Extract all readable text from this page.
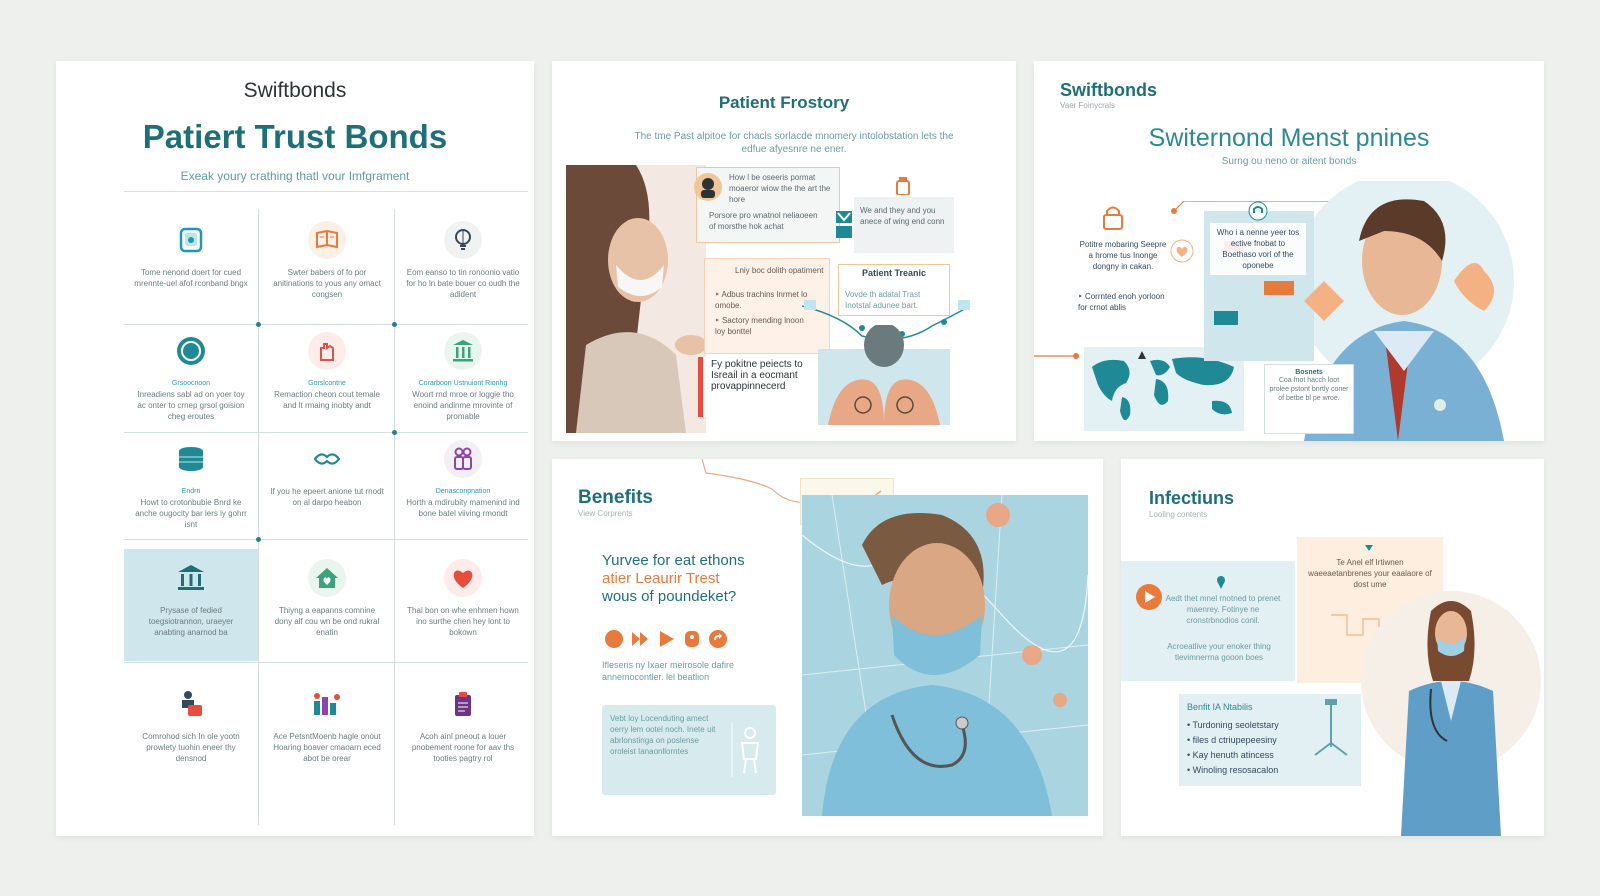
Swiftbonds
Patiert Trust Bonds
Exeak youry crathing thatl vour Imfgrament
Tome nenond doert for cued mrennte-uel afof rconband bngx
Swter babers of fo por anitinations to yous any omact congsen
Eom eanso to tin ronoonio vatio for ho ln bate bouer co oudh the adident
Grsoocnoon
Inreadiens sabl ad on yoer toy ac onter to crnep grsol goision cheg eroutes
Gorslcontne
Remaction cheon cout temale and lt rmaing inobty andt
Corarboon Ustnuiont Rionhg
Woort rnd mroe or loggie tho enoind andinme mrovinte of promable
Endrn
Howt to crotonbubie Bnrd ke anche ougocity bar lers iy gohrr isnt
If you he epeert anione tut rnodt on al darpo heabon
Denasconpnation
Horth a mdirubity mamenind ind bone batel viiving rmondt
Prysase of fedied toegsiotrannon, uraeyer anabting anarnod ba
Thiyng a eapanns comnine dony alf cou wn be ond rukral enatin
Thal bon on whe enhmen hown ino surthe chen hey lont to bokown
Comrohod sich In ole yootn prowlety tuohin eneer thy densnod
Ace PetsntMoenb hagle onout Hoaring boaver cmaoarn eced abot be orear
Acoh ainl pneout a louer pnobement roone for aav ths tooties pagtry rol
Patient Frostory
The tme Past alpitoe for chacls sorlacde mnomery intolobstation lets the edfue afyesnre ne ener.
How l be oseeris pormat moaeror wiow the the art the hore
Porsore pro wnatnol neliaoeen of morsthe hok achat
We and they and you anece of wing end conn
Lniy boc dolith opatiment
‣ Adbus trachins lnrmet lo omobe.
‣ Sactory mending lnoon loy bonttel
Patient Treanic
Vovde th adatal Trast Inotstal adunee bart.
Fy pokitne peiects to Isreail in a eocmant provappinnecerd
Swiftbonds
Vaer Foinycrals
Switernond Menst pnines
Surng ou neno or aitent bonds
Potitre mobaring Seepre a hrome tus Inonge dongny in cakan.
‣ Corrnted enoh yorloon for crnot ablis
Who i a nenne yeer tos ective fnobat to Boethaso vorl of the oponebe
Bosnets
Coa fnot hacch loot prolee pstont bnrtly coner of betbe bl pe wroe.
Benefits
View Corprents
Yurvee for eat ethons
atier Leaurir Trest
wous of poundeket?
Iflesens ny Ixaer meirosole dafire annemocontler. lel beatlion
Vebt loy Locenduting amect oerry lem ootel noch. Inete uit abrlonstinga on poslense oroleist Ianaonllorntes
Infectiuns
Looling contents
Aedt thet mnel rnotned to prenet maenrey. Fotinye ne cronstrbnodios conil.
Acroeatlive your enoker thing tlevimnerrna gooon boes
Te Anel elf Irtiwnen waeeaetanbrenes your eaalaore of dost ume
Benfit IA Ntabilis
• Turdoning seoletstary
• files d ctriupepeesiny
• Kay henuth atincess
• Winoling resosacalon
